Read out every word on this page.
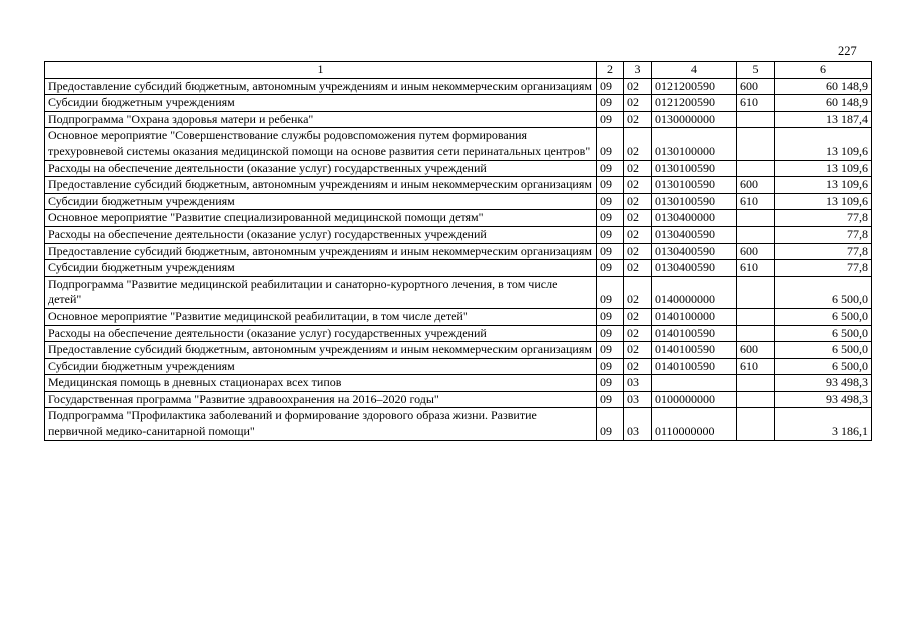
227
1	2	3	4	5	6
Предоставление субсидий бюджетным, автономным учреждениям и иным некоммерческим организациям	09	02	0121200590	600	60 148,9
Субсидии бюджетным учреждениям	09	02	0121200590	610	60 148,9
Подпрограмма "Охрана здоровья матери и ребенка"	09	02	0130000000		13 187,4
Основное мероприятие "Совершенствование службы родовспоможения путем формирования трехуровневой системы оказания медицинской помощи на основе развития сети перинатальных центров"	09	02	0130100000		13 109,6
Расходы на обеспечение деятельности (оказание услуг) государственных учреждений	09	02	0130100590		13 109,6
Предоставление субсидий бюджетным, автономным учреждениям и иным некоммерческим организациям	09	02	0130100590	600	13 109,6
Субсидии бюджетным учреждениям	09	02	0130100590	610	13 109,6
Основное мероприятие "Развитие специализированной медицинской помощи детям"	09	02	0130400000		77,8
Расходы на обеспечение деятельности (оказание услуг) государственных учреждений	09	02	0130400590		77,8
Предоставление субсидий бюджетным, автономным учреждениям и иным некоммерческим организациям	09	02	0130400590	600	77,8
Субсидии бюджетным учреждениям	09	02	0130400590	610	77,8
Подпрограмма "Развитие медицинской реабилитации и санаторно-курортного лечения, в том числе детей"	09	02	0140000000		6 500,0
Основное мероприятие "Развитие медицинской реабилитации, в том числе детей"	09	02	0140100000		6 500,0
Расходы на обеспечение деятельности (оказание услуг) государственных учреждений	09	02	0140100590		6 500,0
Предоставление субсидий бюджетным, автономным учреждениям и иным некоммерческим организациям	09	02	0140100590	600	6 500,0
Субсидии бюджетным учреждениям	09	02	0140100590	610	6 500,0
Медицинская помощь в дневных стационарах всех типов	09	03			93 498,3
Государственная программа "Развитие здравоохранения на 2016–2020 годы"	09	03	0100000000		93 498,3
Подпрограмма "Профилактика заболеваний и формирование здорового образа жизни. Развитие первичной медико-санитарной помощи"	09	03	0110000000		3 186,1
